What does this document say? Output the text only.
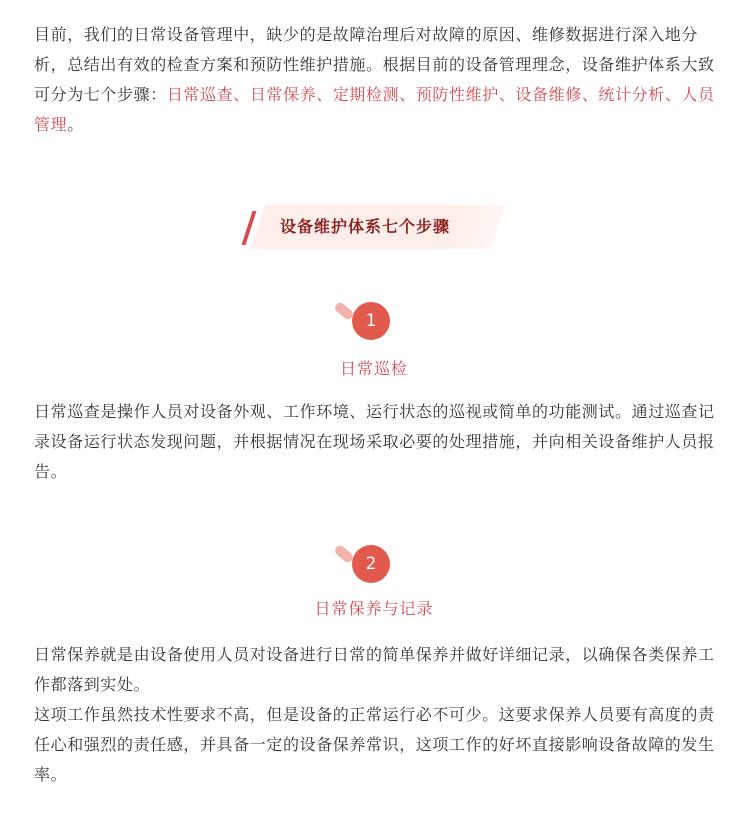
目前，我们的日常设备管理中，缺少的是故障治理后对故障的原因、维修数据进行深入地分析，总结出有效的检查方案和预防性维护措施。根据目前的设备管理理念，设备维护体系大致可分为七个步骤：日常巡查、日常保养、定期检测、预防性维护、设备维修、统计分析、人员管理。

设备维护体系七个步骤
1
日常巡检

日常巡查是操作人员对设备外观、工作环境、运行状态的巡视或简单的功能测试。通过巡查记录设备运行状态发现问题，并根据情况在现场采取必要的处理措施，并向相关设备维护人员报告。

2
日常保养与记录
日常保养就是由设备使用人员对设备进行日常的简单保养并做好详细记录，以确保各类保养工作都落到实处。
这项工作虽然技术性要求不高，但是设备的正常运行必不可少。这要求保养人员要有高度的责任心和强烈的责任感，并具备一定的设备保养常识，这项工作的好坏直接影响设备故障的发生率。
